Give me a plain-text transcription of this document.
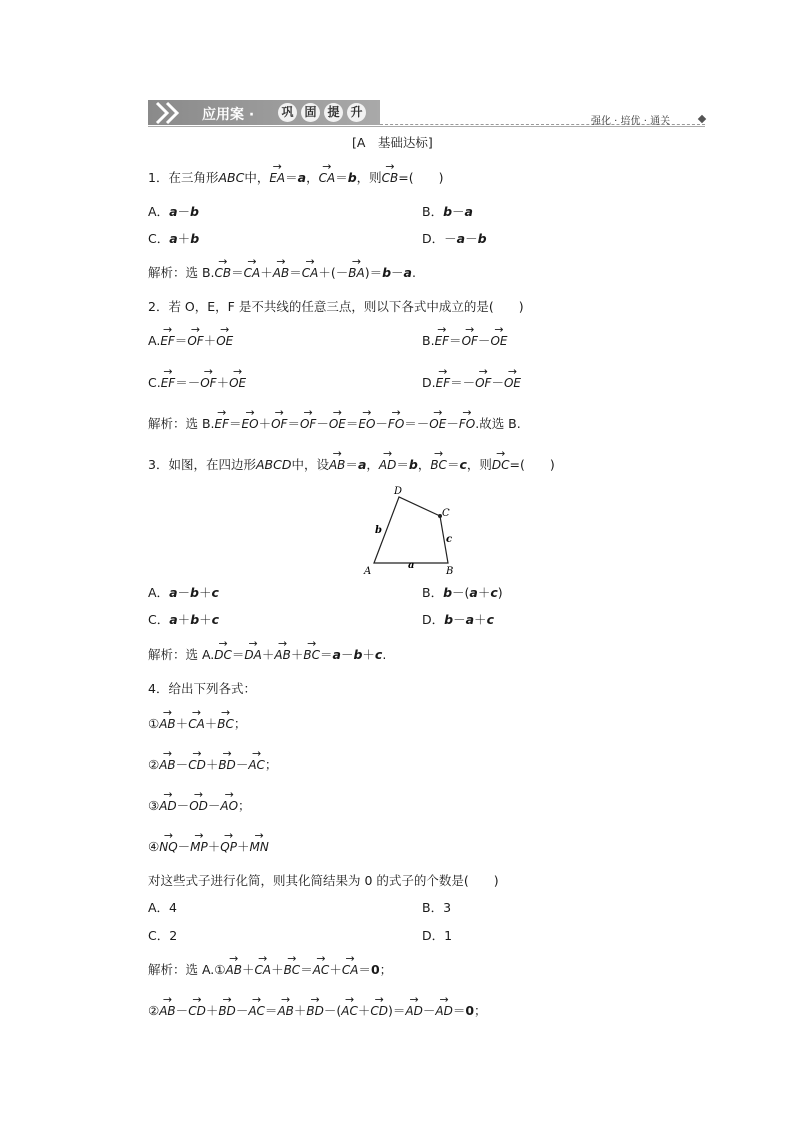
应用案 · 巩 固 提 升
强化 · 培优 · 通关
[A　基础达标]
1．在三角形ABC中，→ EA＝a，→ CA＝b，则→ CB=(　　)
A．a－b	B．b－a
C．a＋b	D．－a－b
解析：选 B.→ CB＝→ CA＋→ AB＝→ CA＋(－→ BA)＝b－a.
2．若 O，E，F 是不共线的任意三点，则以下各式中成立的是(　　)
A.→ EF＝→ OF＋→ OE	B.→ EF＝→ OF－→ OE
C.→ EF＝－→ OF＋→ OE	D.→ EF＝－→ OF－→ OE
解析：选 B.→ EF＝→ EO＋→ OF＝→ OF－→ OE＝→ EO－→ FO＝－→ OE－→ FO.故选 B.
3．如图，在四边形ABCD中，设→ AB＝a，→ AD＝b，→ BC＝c，则→ DC=(　　)
A	B
C
D
a
b
c
A．a－b＋c	B．b－(a＋c)
C．a＋b＋c	D．b－a＋c
解析：选 A.→ DC＝→ DA＋→ AB＋→ BC＝a－b＋c.
4．给出下列各式：
①→ AB＋→ CA＋→ BC；
②→ AB－→ CD＋→ BD－→ AC；
③→ AD－→ OD－→ AO；
④→ NQ－→ MP＋→ QP＋→ MN
对这些式子进行化简，则其化简结果为 0 的式子的个数是(　　)
A．4	B．3
C．2	D．1
解析：选 A.①→ AB＋→ CA＋→ BC＝→ AC＋→ CA＝0；
②→ AB－→ CD＋→ BD－→ AC＝→ AB＋→ BD－(→ AC＋→ CD)＝→ AD－→ AD＝0；
